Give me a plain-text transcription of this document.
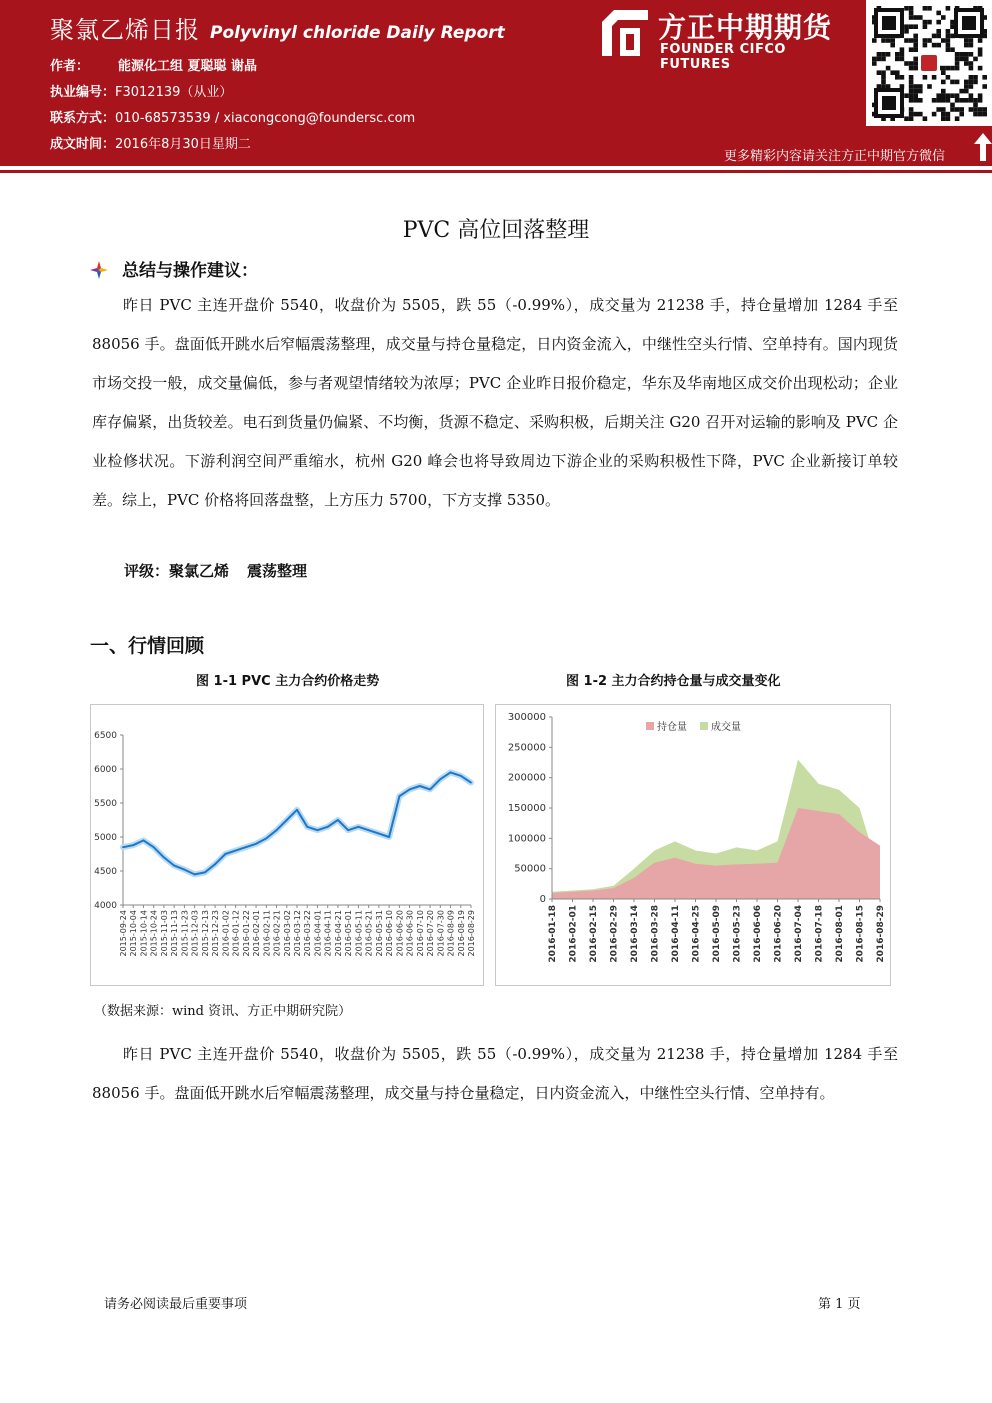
聚氯乙烯日报 Polyvinyl chloride Daily Report
作者： 能源化工组 夏聪聪 谢晶
执业编号：F3012139（从业）
联系方式：010-68573539 / xiacongcong@foundersc.com
成文时间：2016年8月30日星期二
方正中期期货
FOUNDER CIFCO FUTURES
更多精彩内容请关注方正中期官方微信
PVC 高位回落整理
总结与操作建议：
昨日 PVC 主连开盘价 5540，收盘价为 5505，跌 55（-0.99%），成交量为 21238 手，持仓量增加 1284 手至 88056 手。盘面低开跳水后窄幅震荡整理，成交量与持仓量稳定，日内资金流入，中继性空头行情、空单持有。国内现货市场交投一般，成交量偏低，参与者观望情绪较为浓厚；PVC 企业昨日报价稳定，华东及华南地区成交价出现松动；企业库存偏紧，出货较差。电石到货量仍偏紧、不均衡，货源不稳定、采购积极，后期关注 G20 召开对运输的影响及 PVC 企业检修状况。下游利润空间严重缩水，杭州 G20 峰会也将导致周边下游企业的采购积极性下降，PVC 企业新接订单较差。综上，PVC 价格将回落盘整，上方压力 5700，下方支撑 5350。
评级：聚氯乙烯 震荡整理
一、行情回顾
图 1-1 PVC 主力合约价格走势	图 1-2 主力合约持仓量与成交量变化
4000
4500
5000
5500
6000
6500
2015-09-24 2015-10-04 2015-10-14 2015-10-24 2015-11-03 2015-11-13 2015-11-23 2015-12-03 2015-12-13 2015-12-23 2016-01-02 2016-01-12 2016-01-22 2016-02-01 2016-02-11 2016-02-21 2016-03-02 2016-03-12 2016-03-22 2016-04-01 2016-04-11 2016-04-21 2016-05-01 2016-05-11 2016-05-21 2016-05-31 2016-06-10 2016-06-20 2016-06-30 2016-07-10 2016-07-20 2016-07-30 2016-08-09 2016-08-19 2016-08-29
0
50000
100000
150000
200000
250000
300000
2016-01-18 2016-02-01 2016-02-15 2016-02-29 2016-03-14 2016-03-28 2016-04-11 2016-04-25 2016-05-09 2016-05-23 2016-06-06 2016-06-20 2016-07-04 2016-07-18 2016-08-01 2016-08-15 2016-08-29
持仓量 成交量
（数据来源：wind 资讯、方正中期研究院）
昨日 PVC 主连开盘价 5540，收盘价为 5505，跌 55（-0.99%），成交量为 21238 手，持仓量增加 1284 手至 88056 手。盘面低开跳水后窄幅震荡整理，成交量与持仓量稳定，日内资金流入，中继性空头行情、空单持有。
请务必阅读最后重要事项	第 1 页
